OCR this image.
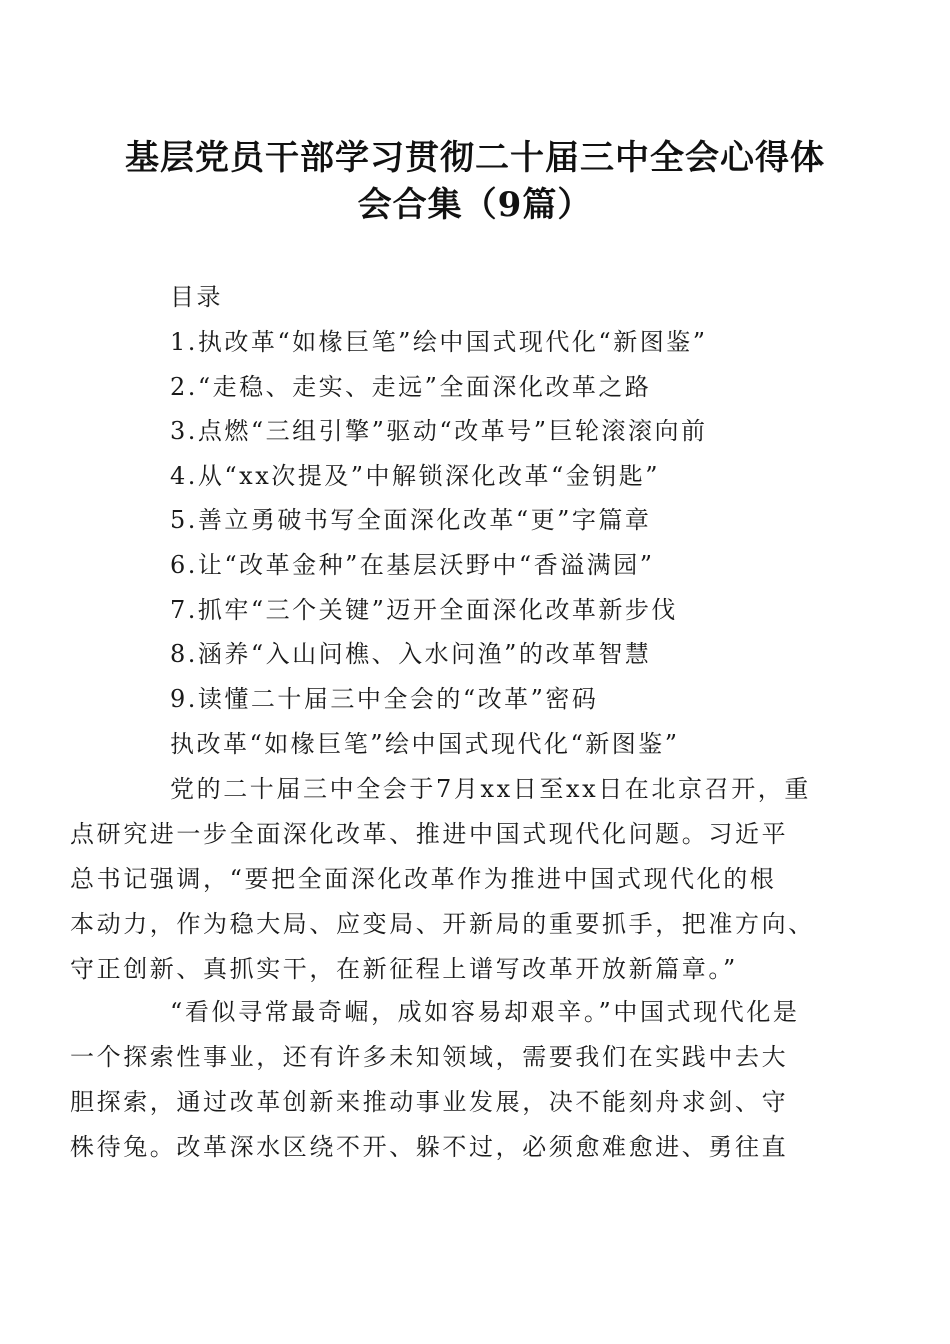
基层党员干部学习贯彻二十届三中全会心得体
会合集（9篇）
目录
1.执改革“如椽巨笔”绘中国式现代化“新图鉴”
2.“走稳、走实、走远”全面深化改革之路
3.点燃“三组引擎”驱动“改革号”巨轮滚滚向前
4.从“xx次提及”中解锁深化改革“金钥匙”
5.善立勇破书写全面深化改革“更”字篇章
6.让“改革金种”在基层沃野中“香溢满园”
7.抓牢“三个关键”迈开全面深化改革新步伐
8.涵养“入山问樵、入水问渔”的改革智慧
9.读懂二十届三中全会的“改革”密码
执改革“如椽巨笔”绘中国式现代化“新图鉴”
党的二十届三中全会于7月xx日至xx日在北京召开，重
点研究进一步全面深化改革、推进中国式现代化问题。习近平
总书记强调，“要把全面深化改革作为推进中国式现代化的根
本动力，作为稳大局、应变局、开新局的重要抓手，把准方向、
守正创新、真抓实干，在新征程上谱写改革开放新篇章。”
“看似寻常最奇崛，成如容易却艰辛。”中国式现代化是
一个探索性事业，还有许多未知领域，需要我们在实践中去大
胆探索，通过改革创新来推动事业发展，决不能刻舟求剑、守
株待兔。改革深水区绕不开、躲不过，必须愈难愈进、勇往直
